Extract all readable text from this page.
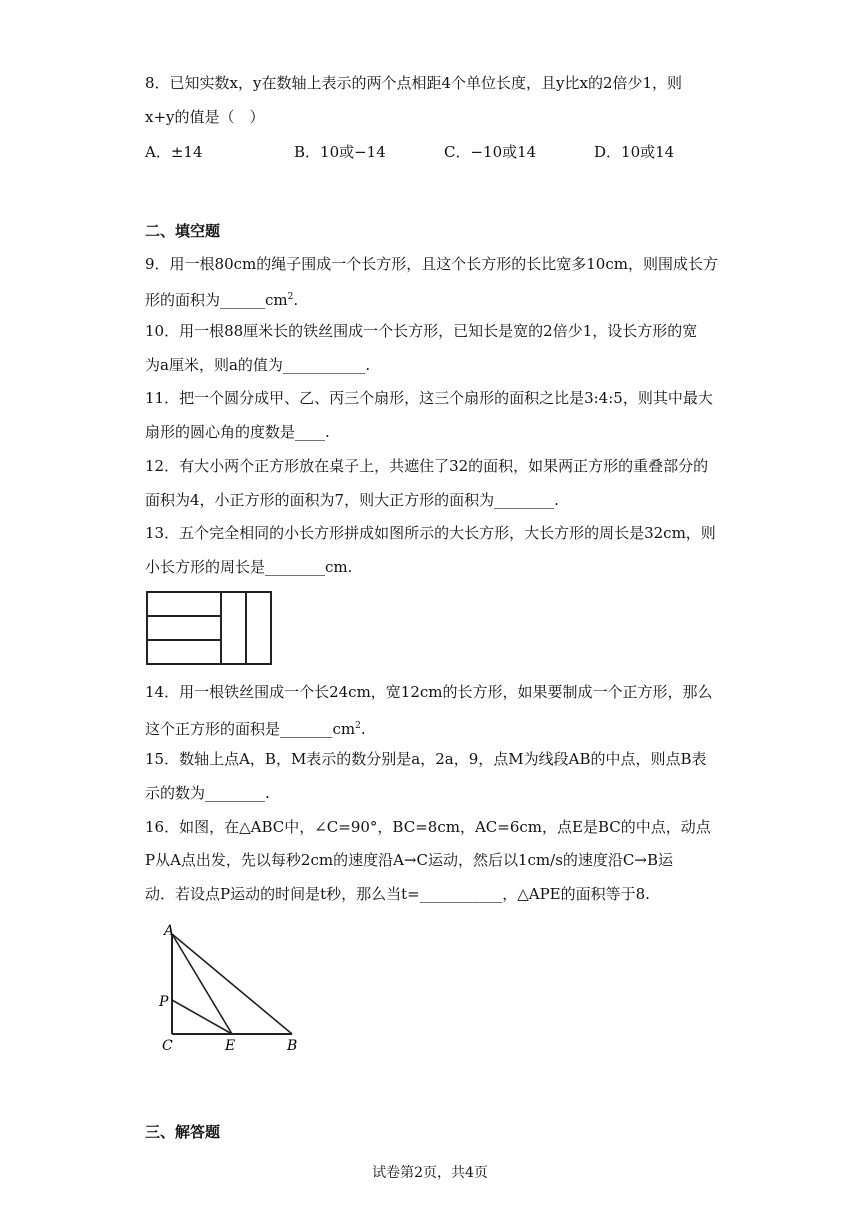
8．已知实数x，y在数轴上表示的两个点相距4个单位长度，且y比x的2倍少1，则
x+y的值是（　）
A．±14	B．10或−14	C．−10或14	D．10或14
二、填空题
9．用一根80cm的绳子围成一个长方形，且这个长方形的长比宽多10cm，则围成长方
形的面积为$\_\_\_\_\_\_cm^2$.
10．用一根88厘米长的铁丝围成一个长方形，已知长是宽的2倍少1，设长方形的宽
为a厘米，则a的值为___________.
11．把一个圆分成甲、乙、丙三个扇形，这三个扇形的面积之比是3:4:5，则其中最大
扇形的圆心角的度数是____.
12．有大小两个正方形放在桌子上，共遮住了32的面积，如果两正方形的重叠部分的
面积为4，小正方形的面积为7，则大正方形的面积为________.
13．五个完全相同的小长方形拼成如图所示的大长方形，大长方形的周长是32cm，则
小长方形的周长是________cm.
14．用一根铁丝围成一个长24cm，宽12cm的长方形，如果要制成一个正方形，那么
这个正方形的面积是$\_\_\_\_\_\_\_cm^2$.
15．数轴上点A，B，M表示的数分别是a，2a，9，点M为线段AB的中点，则点B表
示的数为________.
16．如图，在△ABC中，∠C=90°，BC=8cm，AC=6cm，点E是BC的中点，动点
P从A点出发，先以每秒2cm的速度沿A→C运动，然后以1cm/s的速度沿C→B运
动．若设点P运动的时间是t秒，那么当t=___________，△APE的面积等于8.
A
P
C	E	B
三、解答题
试卷第2页，共4页
